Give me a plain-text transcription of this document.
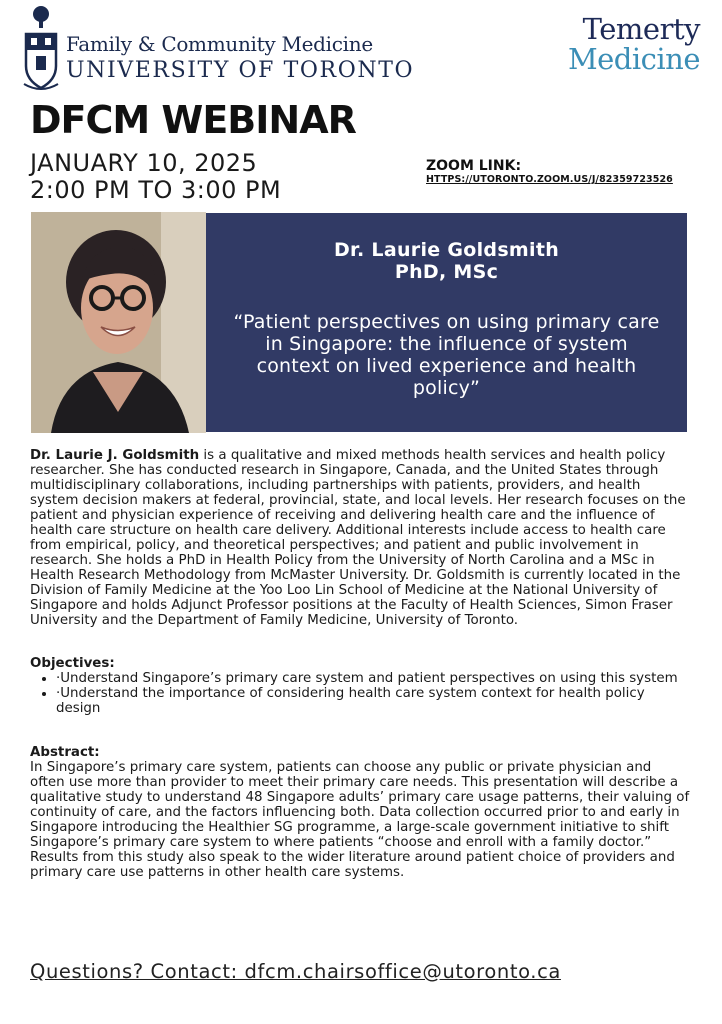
Family & Community Medicine
UNIVERSITY OF TORONTO
Temerty
Medicine
DFCM WEBINAR
JANUARY 10, 2025
2:00 PM TO 3:00 PM
ZOOM LINK:
HTTPS://UTORONTO.ZOOM.US/J/82359723526
Dr. Laurie Goldsmith
PhD, MSc
“Patient perspectives on using primary care in Singapore: the influence of system context on lived experience and health policy”
Dr. Laurie J. Goldsmith is a qualitative and mixed methods health services and health policy researcher. She has conducted research in Singapore, Canada, and the United States through multidisciplinary collaborations, including partnerships with patients, providers, and health system decision makers at federal, provincial, state, and local levels. Her research focuses on the patient and physician experience of receiving and delivering health care and the influence of health care structure on health care delivery. Additional interests include access to health care from empirical, policy, and theoretical perspectives; and patient and public involvement in research. She holds a PhD in Health Policy from the University of North Carolina and a MSc in Health Research Methodology from McMaster University. Dr. Goldsmith is currently located in the Division of Family Medicine at the Yoo Loo Lin School of Medicine at the National University of Singapore and holds Adjunct Professor positions at the Faculty of Health Sciences, Simon Fraser University and the Department of Family Medicine, University of Toronto.
Objectives:
• ·Understand Singapore’s primary care system and patient perspectives on using this system
• ·Understand the importance of considering health care system context for health policy design
Abstract:
In Singapore’s primary care system, patients can choose any public or private physician and often use more than provider to meet their primary care needs. This presentation will describe a qualitative study to understand 48 Singapore adults’ primary care usage patterns, their valuing of continuity of care, and the factors influencing both. Data collection occurred prior to and early in Singapore introducing the Healthier SG programme, a large-scale government initiative to shift Singapore’s primary care system to where patients “choose and enroll with a family doctor.” Results from this study also speak to the wider literature around patient choice of providers and primary care use patterns in other health care systems.
Questions? Contact: dfcm.chairsoffice@utoronto.ca
